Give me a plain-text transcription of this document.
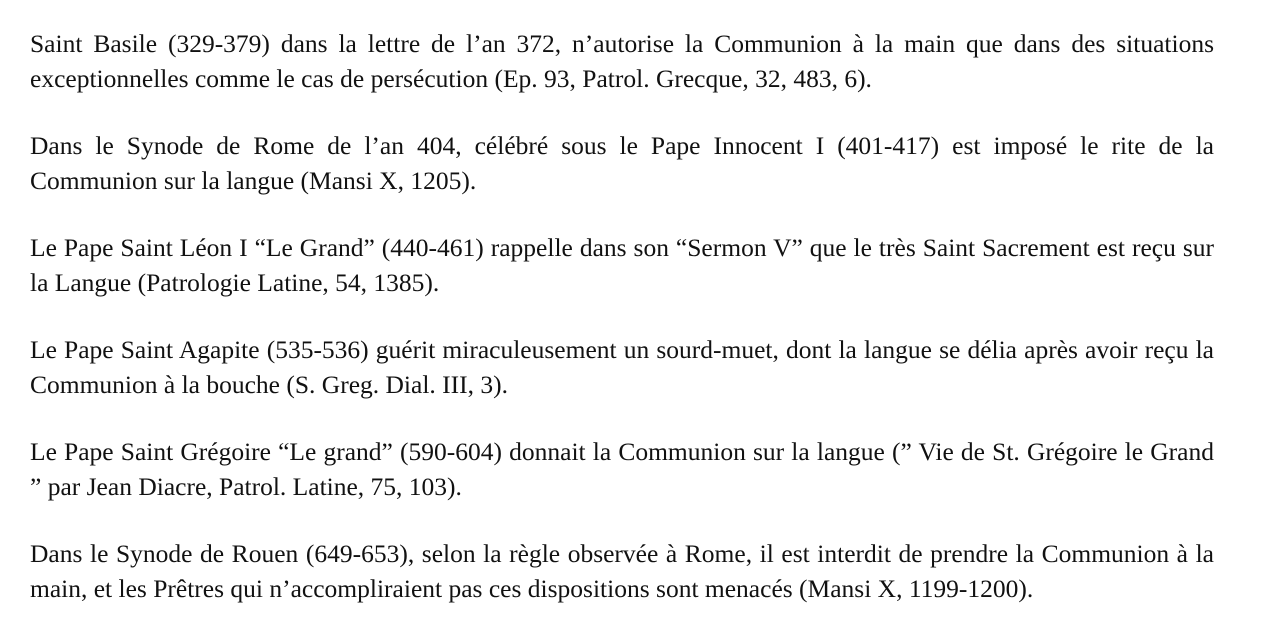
Saint Basile (329-379) dans la lettre de l’an 372, n’autorise la Communion à la main que dans des situations exceptionnelles comme le cas de persécution (Ep. 93, Patrol. Grecque, 32, 483, 6).

Dans le Synode de Rome de l’an 404, célébré sous le Pape Innocent I (401-417) est imposé le rite de la Communion sur la langue (Mansi X, 1205).

Le Pape Saint Léon I “Le Grand” (440-461) rappelle dans son “Sermon V” que le très Saint Sacrement est reçu sur la Langue (Patrologie Latine, 54, 1385).

Le Pape Saint Agapite (535-536) guérit miraculeusement un sourd-muet, dont la langue se délia après avoir reçu la Communion à la bouche (S. Greg. Dial. III, 3).

Le Pape Saint Grégoire “Le grand” (590-604) donnait la Communion sur la langue (” Vie de St. Grégoire le Grand ” par Jean Diacre, Patrol. Latine, 75, 103).

Dans le Synode de Rouen (649-653), selon la règle observée à Rome, il est interdit de prendre la Communion à la main, et les Prêtres qui n’accompliraient pas ces dispositions sont menacés (Mansi X, 1199-1200).
